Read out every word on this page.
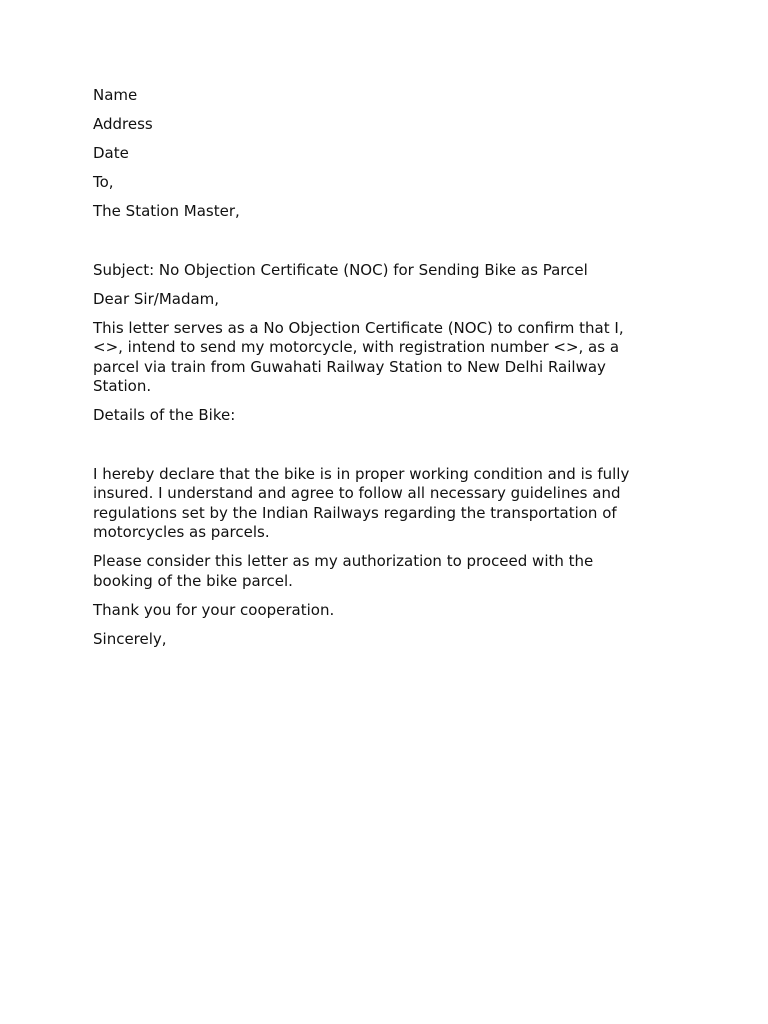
Name

Address

Date

To,

The Station Master,

Subject: No Objection Certificate (NOC) for Sending Bike as Parcel

Dear Sir/Madam,

This letter serves as a No Objection Certificate (NOC) to confirm that I, <>, intend to send my motorcycle, with registration number <>, as a parcel via train from Guwahati Railway Station to New Delhi Railway Station.

Details of the Bike:

I hereby declare that the bike is in proper working condition and is fully insured. I understand and agree to follow all necessary guidelines and regulations set by the Indian Railways regarding the transportation of motorcycles as parcels.

Please consider this letter as my authorization to proceed with the booking of the bike parcel.

Thank you for your cooperation.

Sincerely,
